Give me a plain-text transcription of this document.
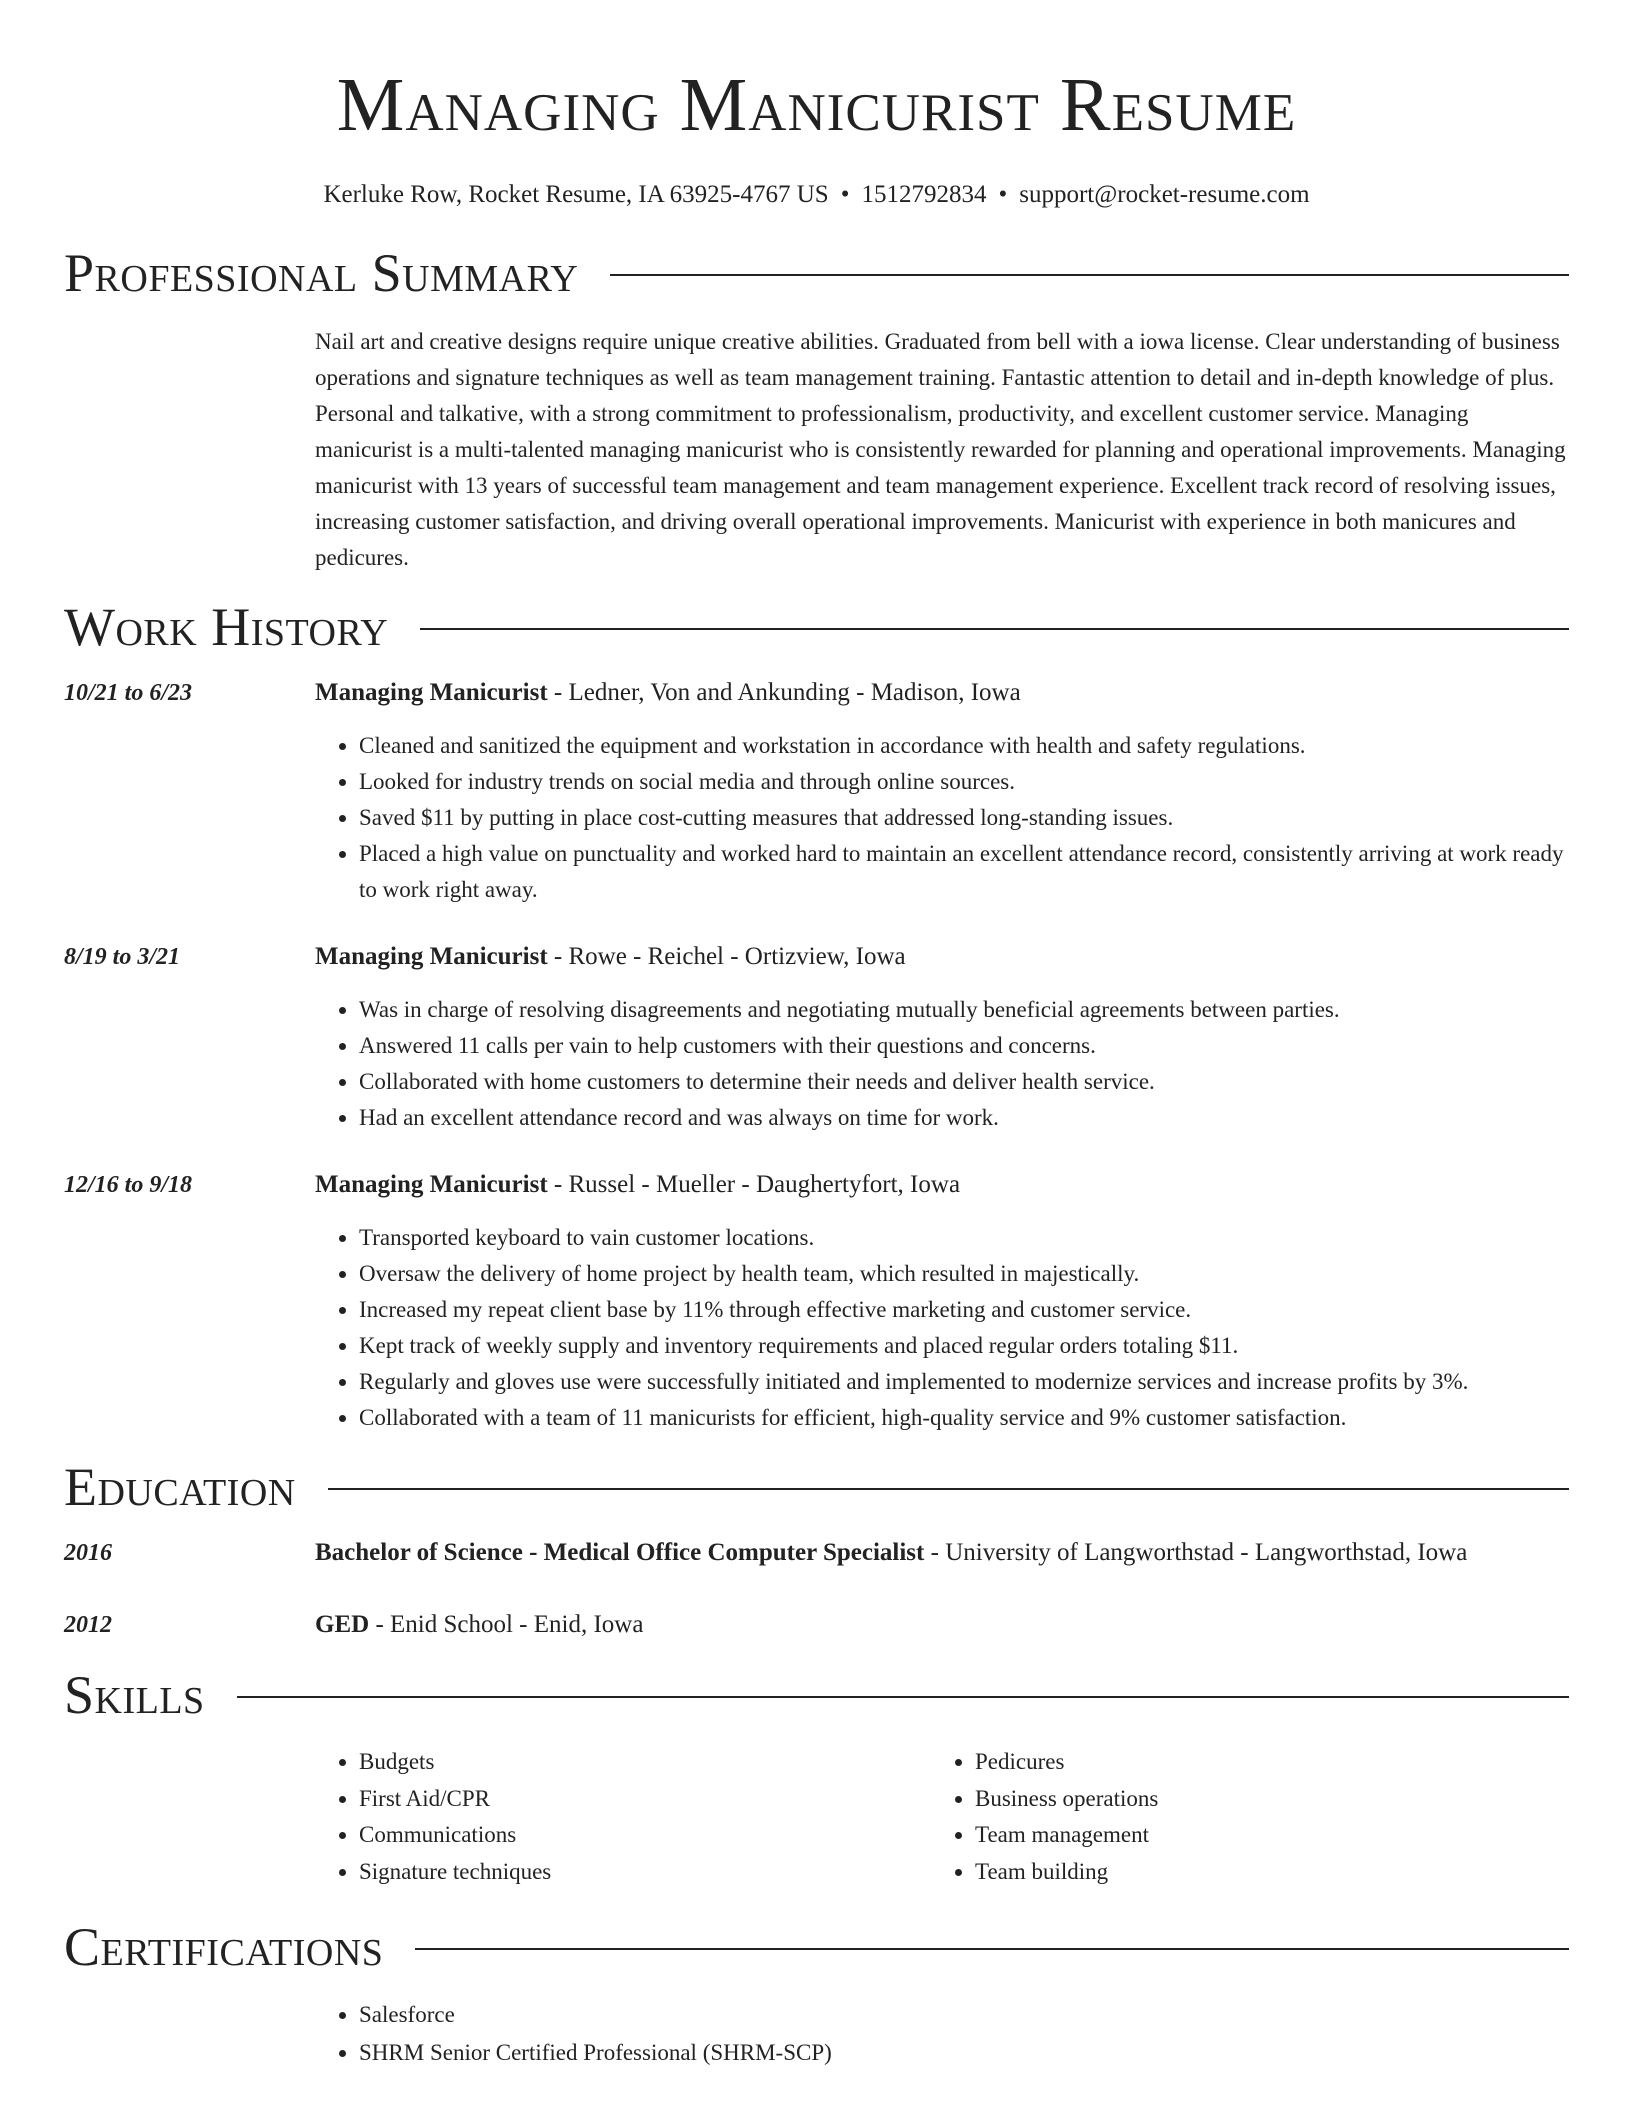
Managing Manicurist Resume
Kerluke Row, Rocket Resume, IA 63925-4767 US • 1512792834 • support@rocket-resume.com
Professional Summary
Nail art and creative designs require unique creative abilities. Graduated from bell with a iowa license. Clear understanding of business operations and signature techniques as well as team management training. Fantastic attention to detail and in-depth knowledge of plus. Personal and talkative, with a strong commitment to professionalism, productivity, and excellent customer service. Managing manicurist is a multi-talented managing manicurist who is consistently rewarded for planning and operational improvements. Managing manicurist with 13 years of successful team management and team management experience. Excellent track record of resolving issues, increasing customer satisfaction, and driving overall operational improvements. Manicurist with experience in both manicures and pedicures.
Work History
10/21 to 6/23	Managing Manicurist - Ledner, Von and Ankunding - Madison, Iowa
• Cleaned and sanitized the equipment and workstation in accordance with health and safety regulations.
• Looked for industry trends on social media and through online sources.
• Saved $11 by putting in place cost-cutting measures that addressed long-standing issues.
• Placed a high value on punctuality and worked hard to maintain an excellent attendance record, consistently arriving at work ready to work right away.
8/19 to 3/21	Managing Manicurist - Rowe - Reichel - Ortizview, Iowa
• Was in charge of resolving disagreements and negotiating mutually beneficial agreements between parties.
• Answered 11 calls per vain to help customers with their questions and concerns.
• Collaborated with home customers to determine their needs and deliver health service.
• Had an excellent attendance record and was always on time for work.
12/16 to 9/18	Managing Manicurist - Russel - Mueller - Daughertyfort, Iowa
• Transported keyboard to vain customer locations.
• Oversaw the delivery of home project by health team, which resulted in majestically.
• Increased my repeat client base by 11% through effective marketing and customer service.
• Kept track of weekly supply and inventory requirements and placed regular orders totaling $11.
• Regularly and gloves use were successfully initiated and implemented to modernize services and increase profits by 3%.
• Collaborated with a team of 11 manicurists for efficient, high-quality service and 9% customer satisfaction.
Education
2016	Bachelor of Science - Medical Office Computer Specialist - University of Langworthstad - Langworthstad, Iowa
2012	GED - Enid School - Enid, Iowa
Skills
• Budgets
• First Aid/CPR
• Communications
• Signature techniques
• Pedicures
• Business operations
• Team management
• Team building
Certifications
• Salesforce
• SHRM Senior Certified Professional (SHRM-SCP)
